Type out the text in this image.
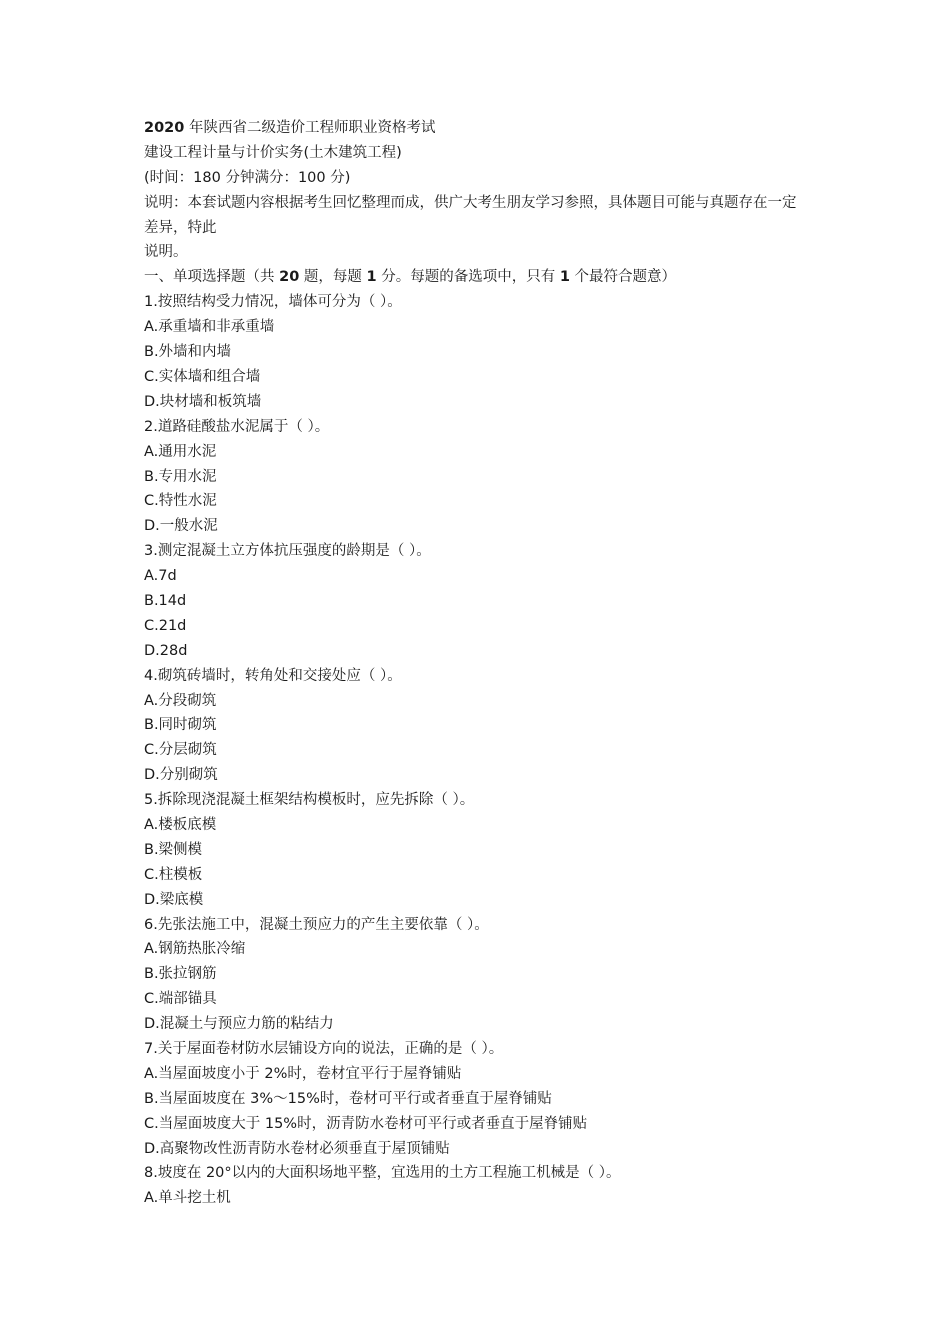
2020 年陕西省二级造价工程师职业资格考试
建设工程计量与计价实务(土木建筑工程)
(时间：180 分钟满分：100 分)
说明：本套试题内容根据考生回忆整理而成，供广大考生朋友学习参照，具体题目可能与真题存在一定差异，特此
说明。
一、单项选择题（共 20 题，每题 1 分。每题的备选项中，只有 1 个最符合题意）
1.按照结构受力情况，墙体可分为（ ）。
A.承重墙和非承重墙
B.外墙和内墙
C.实体墙和组合墙
D.块材墙和板筑墙
2.道路硅酸盐水泥属于（ ）。
A.通用水泥
B.专用水泥
C.特性水泥
D.一般水泥
3.测定混凝土立方体抗压强度的龄期是（ ）。
A.7d
B.14d
C.21d
D.28d
4.砌筑砖墙时，转角处和交接处应（ ）。
A.分段砌筑
B.同时砌筑
C.分层砌筑
D.分别砌筑
5.拆除现浇混凝土框架结构模板时，应先拆除（ ）。
A.楼板底模
B.梁侧模
C.柱模板
D.梁底模
6.先张法施工中，混凝土预应力的产生主要依靠（ ）。
A.钢筋热胀冷缩
B.张拉钢筋
C.端部锚具
D.混凝土与预应力筋的粘结力
7.关于屋面卷材防水层铺设方向的说法，正确的是（ ）。
A.当屋面坡度小于 2%时，卷材宜平行于屋脊铺贴
B.当屋面坡度在 3%～15%时，卷材可平行或者垂直于屋脊铺贴
C.当屋面坡度大于 15%时，沥青防水卷材可平行或者垂直于屋脊铺贴
D.高聚物改性沥青防水卷材必须垂直于屋顶铺贴
8.坡度在 20°以内的大面积场地平整，宜选用的土方工程施工机械是（ ）。
A.单斗挖土机
